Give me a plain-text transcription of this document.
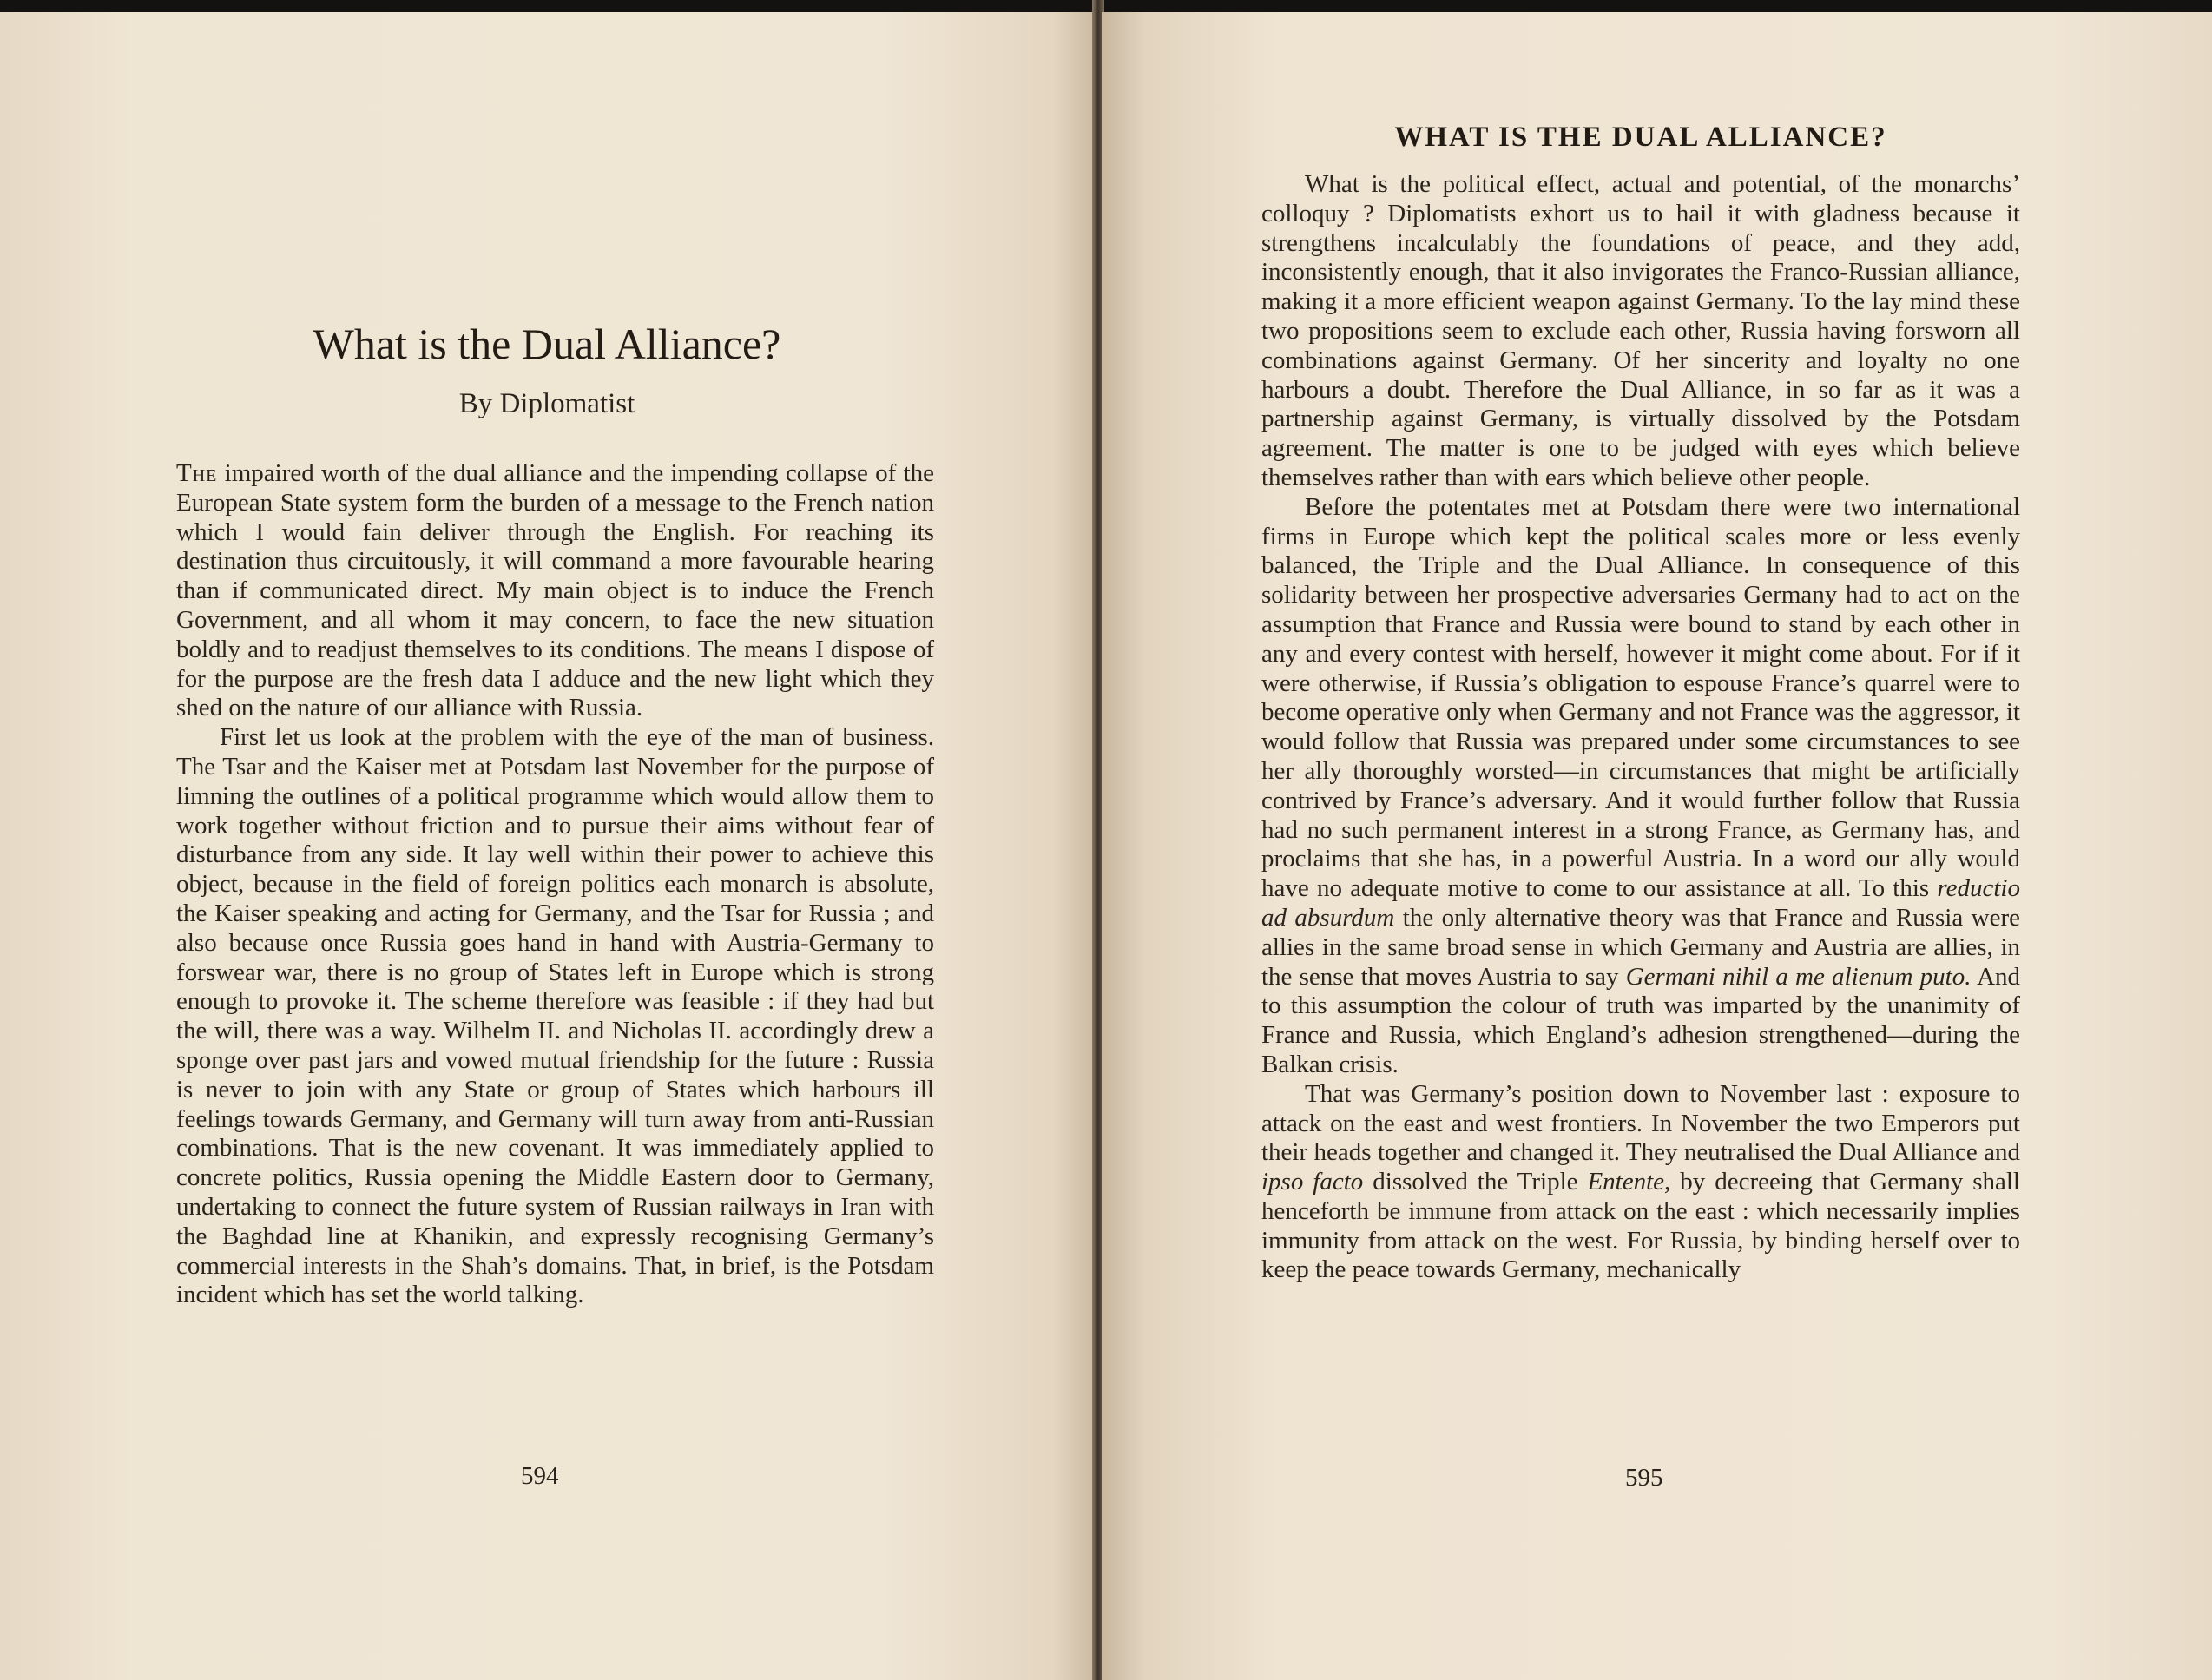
What is the Dual Alliance?

By Diplomatist

The impaired worth of the dual alliance and the impending collapse of the European State system form the burden of a message to the French nation which I would fain deliver through the English. For reaching its destination thus circuitously, it will command a more favourable hearing than if communicated direct. My main object is to induce the French Government, and all whom it may concern, to face the new situation boldly and to readjust themselves to its conditions. The means I dispose of for the purpose are the fresh data I adduce and the new light which they shed on the nature of our alliance with Russia.

First let us look at the problem with the eye of the man of business. The Tsar and the Kaiser met at Potsdam last November for the purpose of limning the outlines of a political programme which would allow them to work together without friction and to pursue their aims without fear of disturbance from any side. It lay well within their power to achieve this object, because in the field of foreign politics each monarch is absolute, the Kaiser speaking and acting for Germany, and the Tsar for Russia ; and also because once Russia goes hand in hand with Austria-Germany to forswear war, there is no group of States left in Europe which is strong enough to provoke it. The scheme therefore was feasible : if they had but the will, there was a way. Wilhelm II. and Nicholas II. accordingly drew a sponge over past jars and vowed mutual friendship for the future : Russia is never to join with any State or group of States which harbours ill feelings towards Germany, and Germany will turn away from anti-Russian combinations. That is the new covenant. It was immediately applied to concrete politics, Russia opening the Middle Eastern door to Germany, undertaking to connect the future system of Russian railways in Iran with the Baghdad line at Khanikin, and expressly recognising Germany’s commercial interests in the Shah’s domains. That, in brief, is the Potsdam incident which has set the world talking.

594
WHAT IS THE DUAL ALLIANCE?

What is the political effect, actual and potential, of the monarchs’ colloquy ? Diplomatists exhort us to hail it with gladness because it strengthens incalculably the foundations of peace, and they add, inconsistently enough, that it also invigorates the Franco-Russian alliance, making it a more efficient weapon against Germany. To the lay mind these two propositions seem to exclude each other, Russia having forsworn all combinations against Germany. Of her sincerity and loyalty no one harbours a doubt. Therefore the Dual Alliance, in so far as it was a partnership against Germany, is virtually dissolved by the Potsdam agreement. The matter is one to be judged with eyes which believe themselves rather than with ears which believe other people.

Before the potentates met at Potsdam there were two international firms in Europe which kept the political scales more or less evenly balanced, the Triple and the Dual Alliance. In consequence of this solidarity between her prospective adversaries Germany had to act on the assumption that France and Russia were bound to stand by each other in any and every contest with herself, however it might come about. For if it were otherwise, if Russia’s obligation to espouse France’s quarrel were to become operative only when Germany and not France was the aggressor, it would follow that Russia was prepared under some circumstances to see her ally thoroughly worsted—in circumstances that might be artificially contrived by France’s adversary. And it would further follow that Russia had no such permanent interest in a strong France, as Germany has, and proclaims that she has, in a powerful Austria. In a word our ally would have no adequate motive to come to our assistance at all. To this reductio ad absurdum the only alternative theory was that France and Russia were allies in the same broad sense in which Germany and Austria are allies, in the sense that moves Austria to say Germani nihil a me alienum puto. And to this assumption the colour of truth was imparted by the unanimity of France and Russia, which England’s adhesion strengthened—during the Balkan crisis.

That was Germany’s position down to November last : exposure to attack on the east and west frontiers. In November the two Emperors put their heads together and changed it. They neutralised the Dual Alliance and ipso facto dissolved the Triple Entente, by decreeing that Germany shall henceforth be immune from attack on the east : which necessarily implies immunity from attack on the west. For Russia, by binding herself over to keep the peace towards Germany, mechanically

595
